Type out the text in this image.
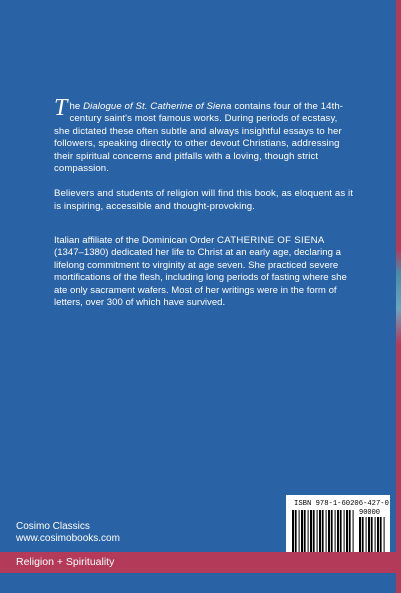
The Dialogue of St. Catherine of Siena contains four of the 14th-century saint's most famous works. During periods of ecstasy, she dictated these often subtle and always insightful essays to her followers, speaking directly to other devout Christians, addressing their spiritual concerns and pitfalls with a loving, though strict compassion.

Believers and students of religion will find this book, as eloquent as it is inspiring, accessible and thought-provoking.

Italian affiliate of the Dominican Order CATHERINE OF SIENA (1347–1380) dedicated her life to Christ at an early age, declaring a lifelong commitment to virginity at age seven. She practiced severe mortifications of the flesh, including long periods of fasting where she ate only sacrament wafers. Most of her writings were in the form of letters, over 300 of which have survived.

Cosimo Classics
www.cosimobooks.com
ISBN 978-1-60206-427-0
90000
Religion + Spirituality
